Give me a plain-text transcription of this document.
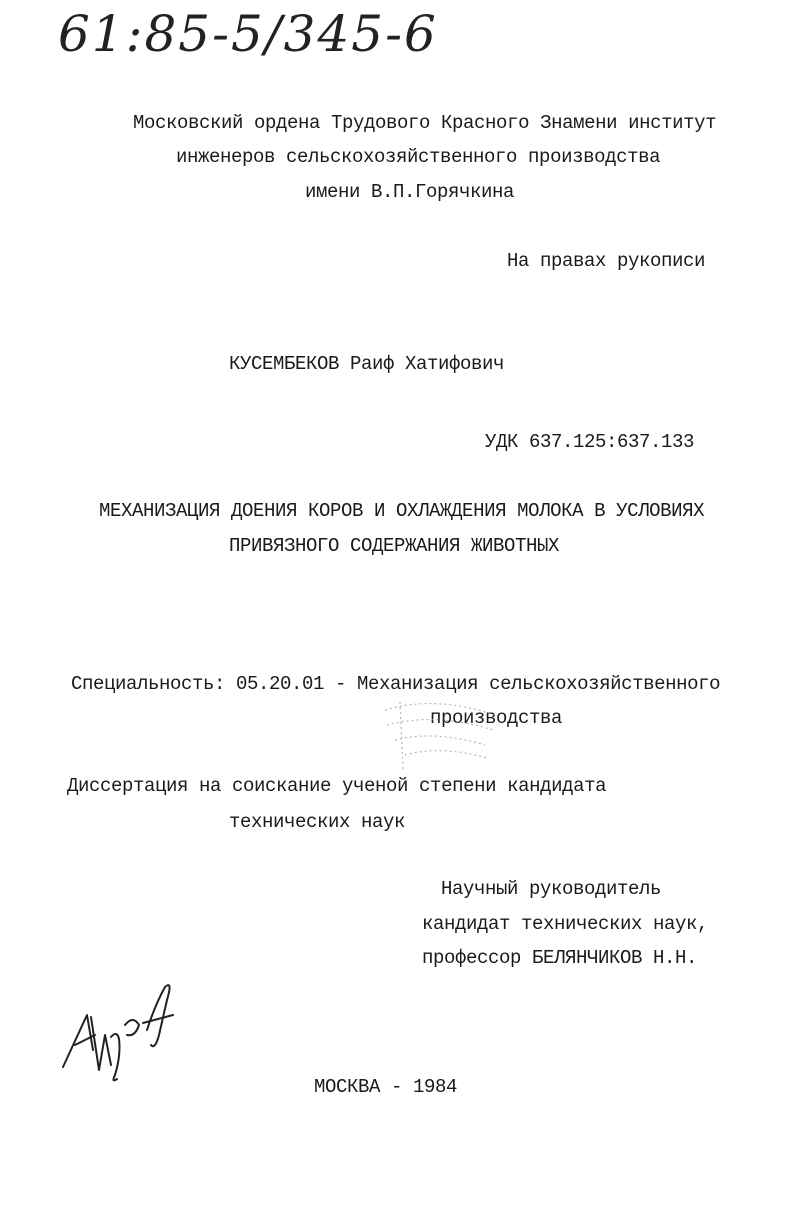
61:85-5/345-6
Московский ордена Трудового Красного Знамени институт
инженеров сельскохозяйственного производства
имени В.П.Горячкина
На правах рукописи
КУСЕМБЕКОВ Раиф Хатифович
УДК 637.125:637.133
МЕХАНИЗАЦИЯ ДОЕНИЯ КОРОВ И ОХЛАЖДЕНИЯ МОЛОКА В УСЛОВИЯХ
ПРИВЯЗНОГО СОДЕРЖАНИЯ ЖИВОТНЫХ
Специальность: 05.20.01 - Механизация сельскохозяйственного
производства
Диссертация на соискание ученой степени кандидата
технических наук
Научный руководитель
кандидат технических наук,
профессор БЕЛЯНЧИКОВ Н.Н.
МОСКВА - 1984
